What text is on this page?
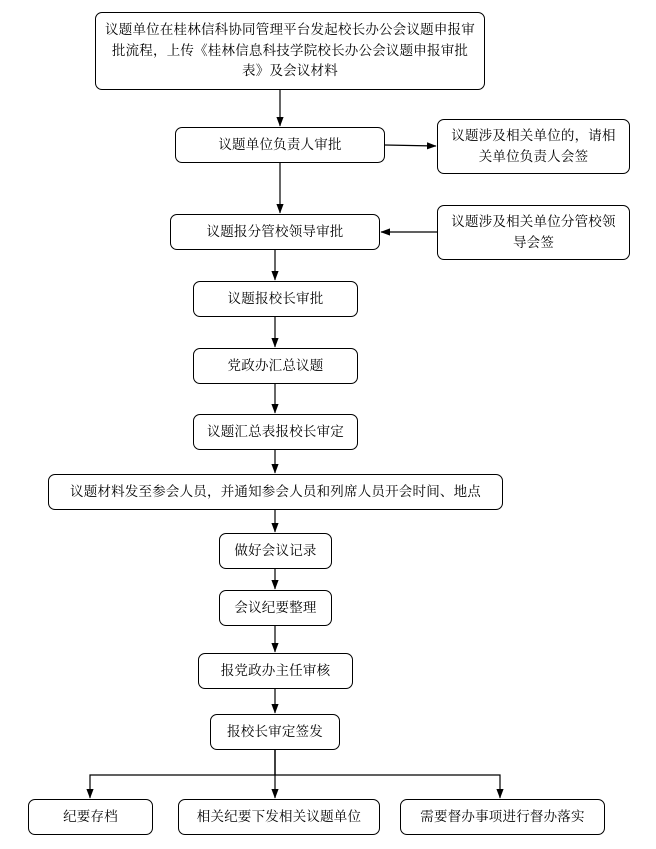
议题单位在桂林信科协同管理平台发起校长办公会议题申报审批流程，上传《桂林信息科技学院校长办公会议题申报审批表》及会议材料
议题单位负责人审批
议题涉及相关单位的，请相关单位负责人会签
议题报分管校领导审批
议题涉及相关单位分管校领导会签
议题报校长审批
党政办汇总议题
议题汇总表报校长审定
议题材料发至参会人员，并通知参会人员和列席人员开会时间、地点
做好会议记录
会议纪要整理
报党政办主任审核
报校长审定签发
纪要存档	相关纪要下发相关议题单位	需要督办事项进行督办落实
